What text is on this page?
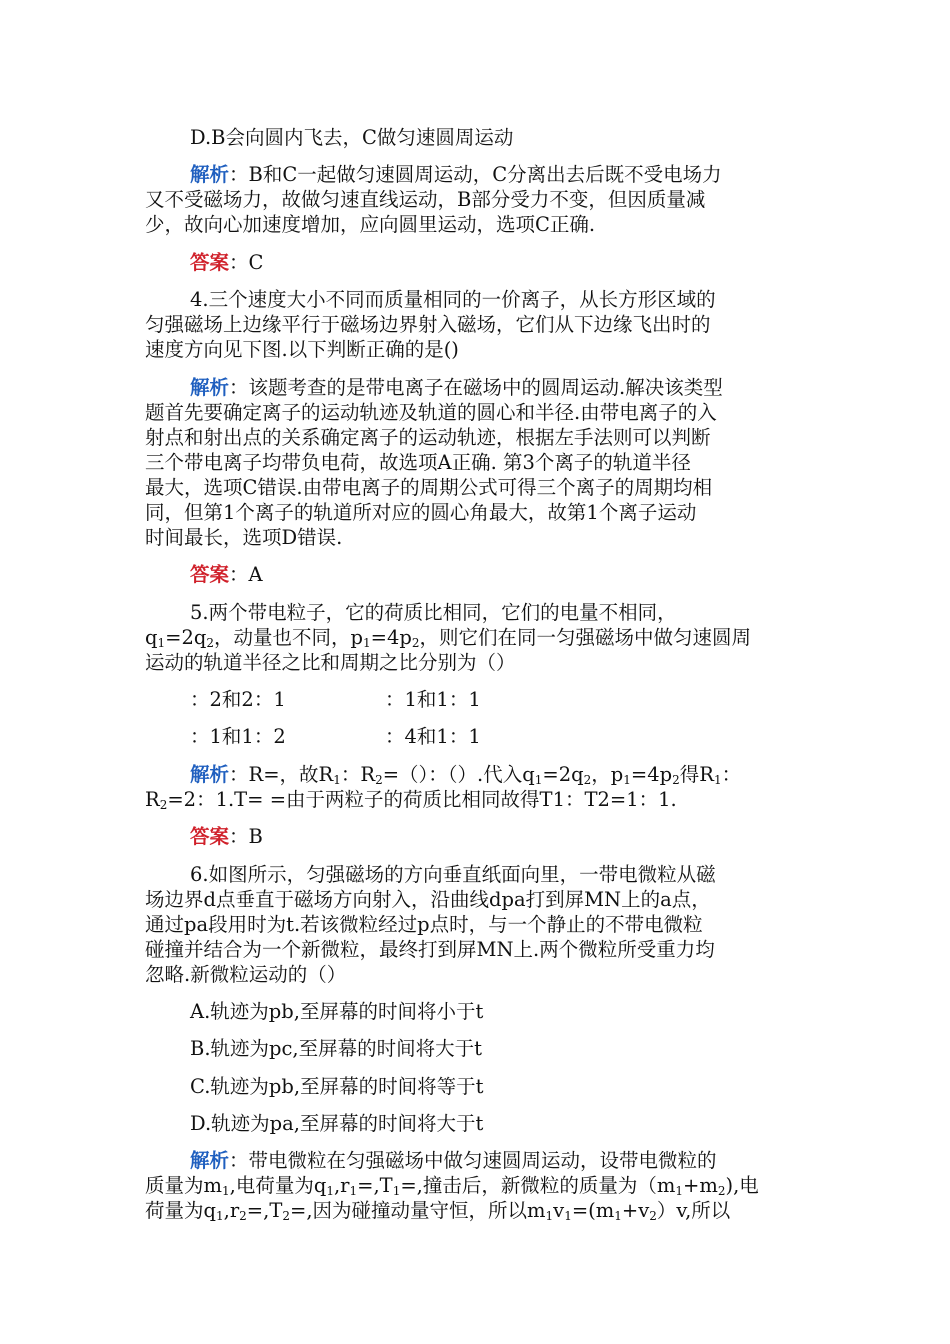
D.B会向圆内飞去，C做匀速圆周运动
解析：B和C一起做匀速圆周运动，C分离出去后既不受电场力
又不受磁场力，故做匀速直线运动，B部分受力不变，但因质量减
少，故向心加速度增加，应向圆里运动，选项C正确.
答案：C
4.三个速度大小不同而质量相同的一价离子，从长方形区域的
匀强磁场上边缘平行于磁场边界射入磁场，它们从下边缘飞出时的
速度方向见下图.以下判断正确的是()
解析：该题考查的是带电离子在磁场中的圆周运动.解决该类型
题首先要确定离子的运动轨迹及轨道的圆心和半径.由带电离子的入
射点和射出点的关系确定离子的运动轨迹，根据左手法则可以判断
三个带电离子均带负电荷，故选项A正确. 第3个离子的轨道半径
最大，选项C错误.由带电离子的周期公式可得三个离子的周期均相
同，但第1个离子的轨道所对应的圆心角最大，故第1个离子运动
时间最长，选项D错误.
答案：A
5.两个带电粒子，它的荷质比相同，它们的电量不相同，
$q_1=2q_2$，动量也不同，$p_1=4p_2$，则它们在同一匀强磁场中做匀速圆周
运动的轨道半径之比和周期之比分别为（）
：2和2：1	：1和1：1
：1和1：2	：4和1：1
解析：R=，故$R_1$：$R_2=()$：（）.代入$q_1=2q_2$，$p_1=4p_2$得$R_1$：
$R_2=2$：1.T= =由于两粒子的荷质比相同故得T1：T2=1：1.
答案：B
6.如图所示，匀强磁场的方向垂直纸面向里，一带电微粒从磁
场边界d点垂直于磁场方向射入，沿曲线dpa打到屏MN上的a点，
通过pa段用时为t.若该微粒经过p点时，与一个静止的不带电微粒
碰撞并结合为一个新微粒，最终打到屏MN上.两个微粒所受重力均
忽略.新微粒运动的（）
A.轨迹为pb,至屏幕的时间将小于t
B.轨迹为pc,至屏幕的时间将大于t
C.轨迹为pb,至屏幕的时间将等于t
D.轨迹为pa,至屏幕的时间将大于t
解析：带电微粒在匀强磁场中做匀速圆周运动，设带电微粒的
质量为$m_1$,电荷量为$q_1,r_1=,T_1=$,撞击后，新微粒的质量为$(m_1+m_2)$,电
荷量为$q_1,r_2=,T_2=$,因为碰撞动量守恒，所以$m_1v_1=(m_1+v_2)v$,所以
